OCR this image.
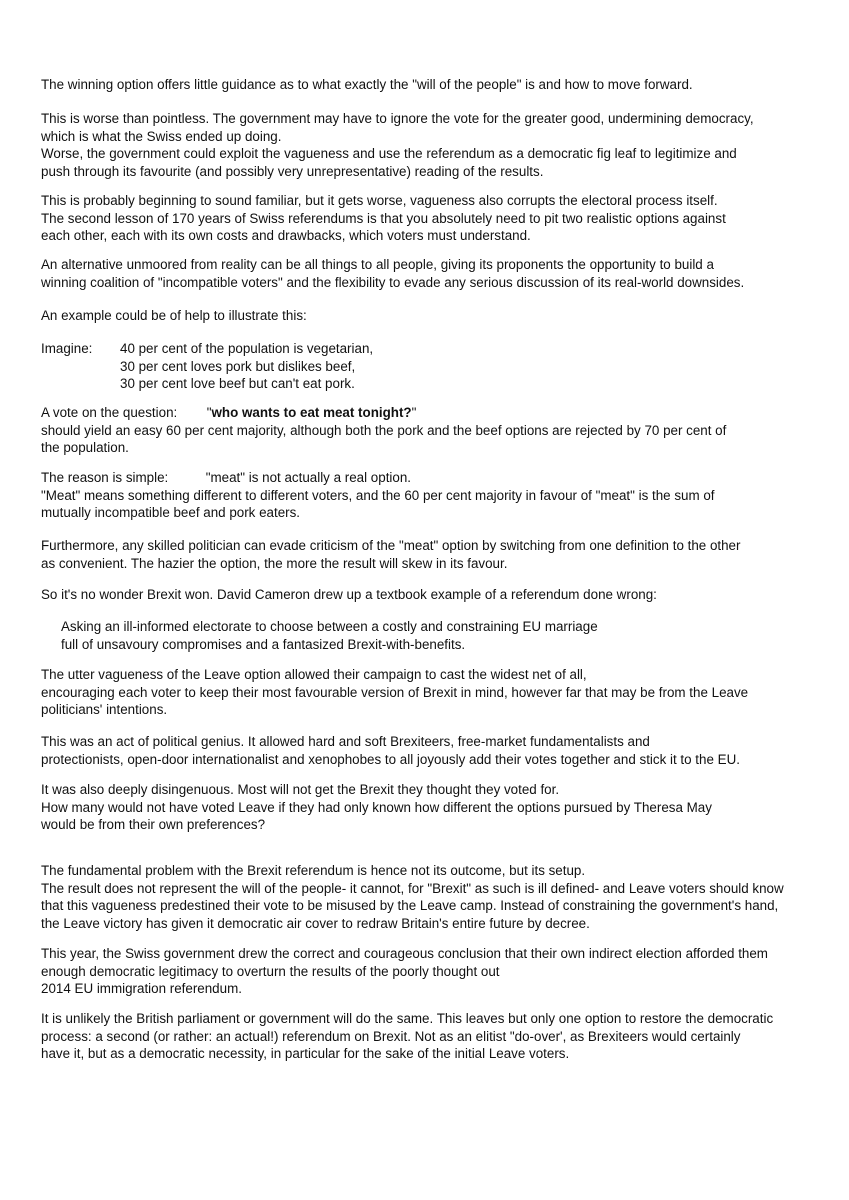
The winning option offers little guidance as to what exactly the "will of the people" is and how to move forward.
This is worse than pointless. The government may have to ignore the vote for the greater good, undermining democracy,
which is what the Swiss ended up doing.
Worse, the government could exploit the vagueness and use the referendum as a democratic fig leaf to legitimize and
push through its favourite (and possibly very unrepresentative) reading of the results.
This is probably beginning to sound familiar, but it gets worse, vagueness also corrupts the electoral process itself.
The second lesson of 170 years of Swiss referendums is that you absolutely need to pit two realistic options against
each other, each with its own costs and drawbacks, which voters must understand.
An alternative unmoored from reality can be all things to all people, giving its proponents the opportunity to build a
winning coalition of "incompatible voters" and the flexibility to evade any serious discussion of its real-world downsides.
An example could be of help to illustrate this:
Imagine: 40 per cent of the population is vegetarian,
30 per cent loves pork but dislikes beef,
30 per cent love beef but can't eat pork.
A vote on the question: "who wants to eat meat tonight?"
should yield an easy 60 per cent majority, although both the pork and the beef options are rejected by 70 per cent of
the population.
The reason is simple:	"meat" is not actually a real option.
"Meat" means something different to different voters, and the 60 per cent majority in favour of "meat" is the sum of
mutually incompatible beef and pork eaters.
Furthermore, any skilled politician can evade criticism of the "meat" option by switching from one definition to the other
as convenient. The hazier the option, the more the result will skew in its favour.
So it's no wonder Brexit won. David Cameron drew up a textbook example of a referendum done wrong:
Asking an ill-informed electorate to choose between a costly and constraining EU marriage
full of unsavoury compromises and a fantasized Brexit-with-benefits.
The utter vagueness of the Leave option allowed their campaign to cast the widest net of all,
encouraging each voter to keep their most favourable version of Brexit in mind, however far that may be from the Leave
politicians' intentions.
This was an act of political genius. It allowed hard and soft Brexiteers, free-market fundamentalists and
protectionists, open-door internationalist and xenophobes to all joyously add their votes together and stick it to the EU.
It was also deeply disingenuous. Most will not get the Brexit they thought they voted for.
How many would not have voted Leave if they had only known how different the options pursued by Theresa May
would be from their own preferences?
The fundamental problem with the Brexit referendum is hence not its outcome, but its setup.
The result does not represent the will of the people- it cannot, for "Brexit" as such is ill defined- and Leave voters should know
that this vagueness predestined their vote to be misused by the Leave camp. Instead of constraining the government's hand,
the Leave victory has given it democratic air cover to redraw Britain's entire future by decree.
This year, the Swiss government drew the correct and courageous conclusion that their own indirect election afforded them
enough democratic legitimacy to overturn the results of the poorly thought out
2014 EU immigration referendum.
It is unlikely the British parliament or government will do the same. This leaves but only one option to restore the democratic
process: a second (or rather: an actual!) referendum on Brexit. Not as an elitist "do-over', as Brexiteers would certainly
have it, but as a democratic necessity, in particular for the sake of the initial Leave voters.
